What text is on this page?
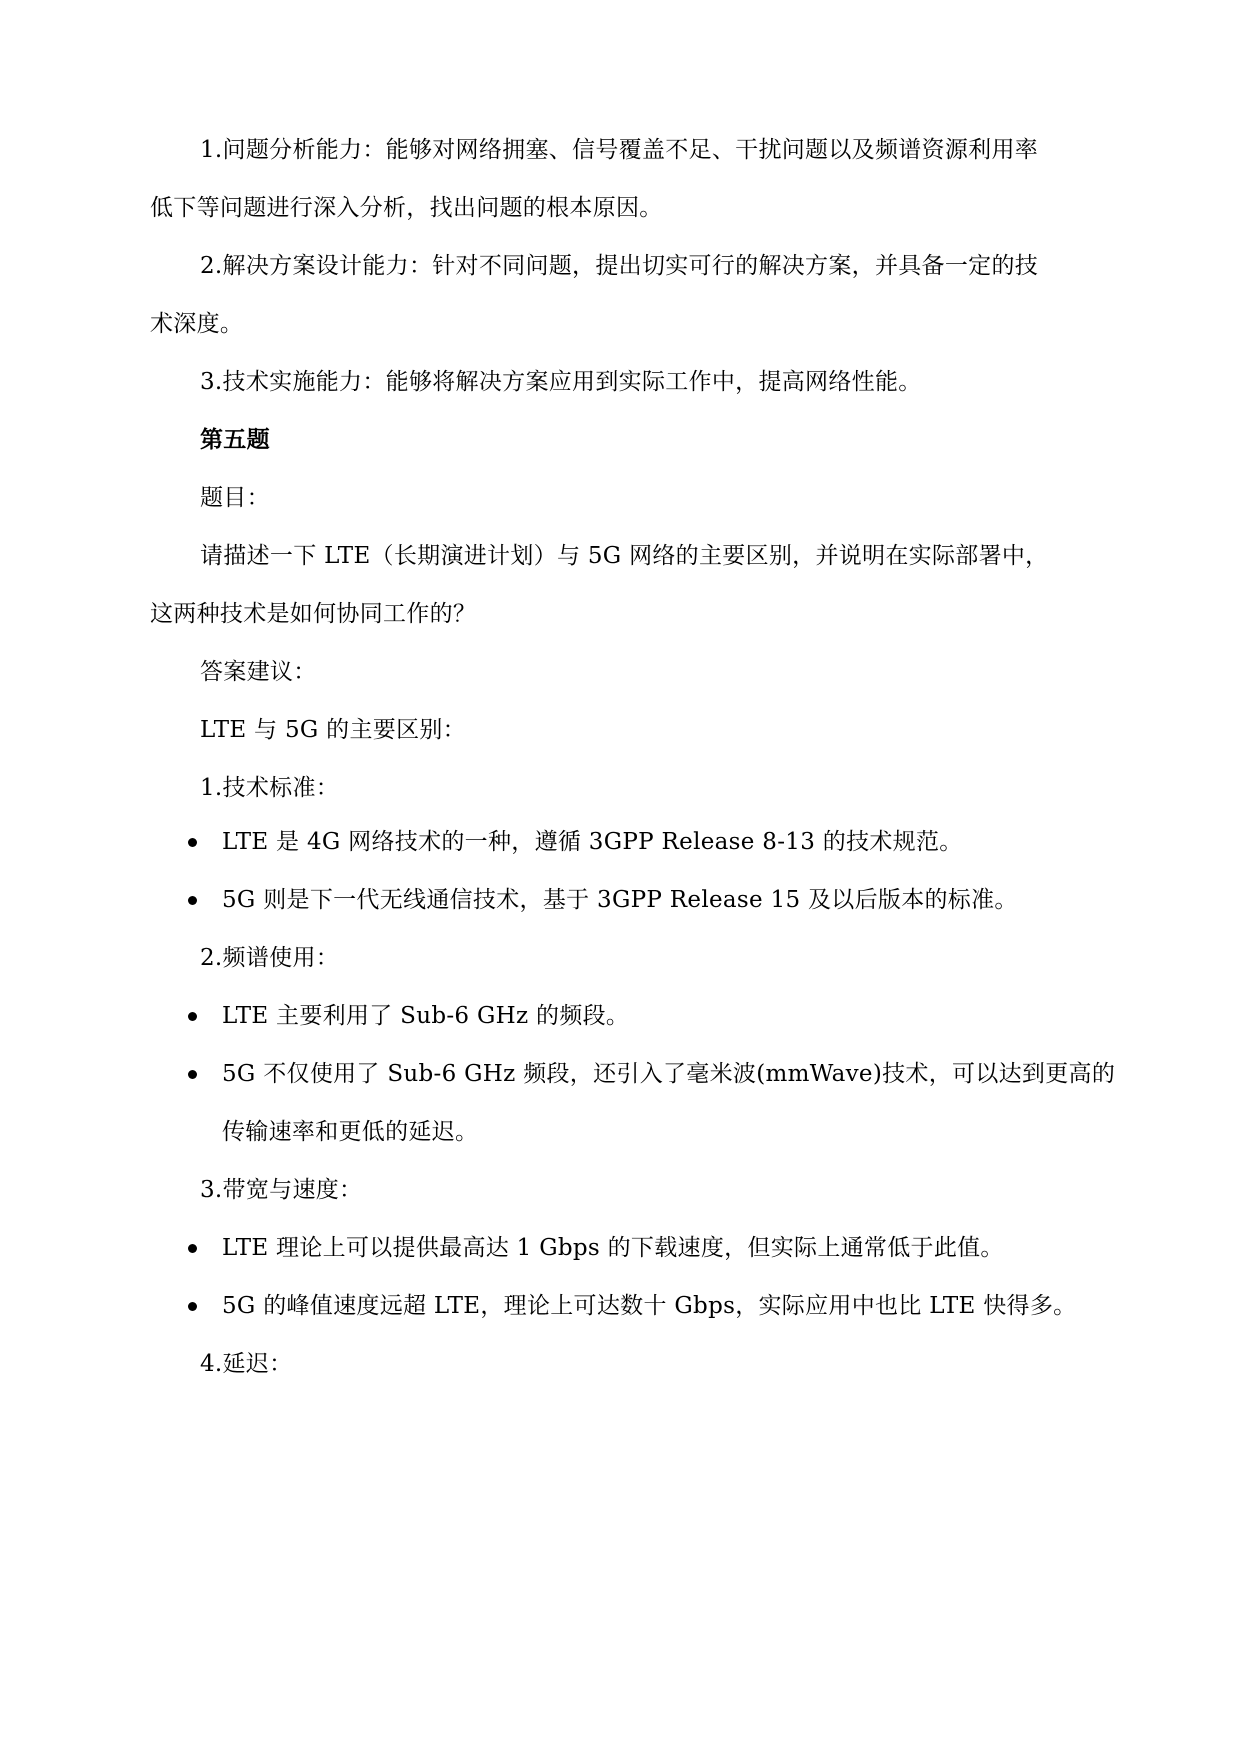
1.问题分析能力：能够对网络拥塞、信号覆盖不足、干扰问题以及频谱资源利用率
低下等问题进行深入分析，找出问题的根本原因。
2.解决方案设计能力：针对不同问题，提出切实可行的解决方案，并具备一定的技
术深度。
3.技术实施能力：能够将解决方案应用到实际工作中，提高网络性能。
第五题
题目：
请描述一下 LTE（长期演进计划）与 5G 网络的主要区别，并说明在实际部署中，
这两种技术是如何协同工作的？
答案建议：
LTE 与 5G 的主要区别：
1.技术标准：
LTE 是 4G 网络技术的一种，遵循 3GPP Release 8-13 的技术规范。
5G 则是下一代无线通信技术，基于 3GPP Release 15 及以后版本的标准。
2.频谱使用：
LTE 主要利用了 Sub-6 GHz 的频段。
5G 不仅使用了 Sub-6 GHz 频段，还引入了毫米波(mmWave)技术，可以达到更高的
传输速率和更低的延迟。
3.带宽与速度：
LTE 理论上可以提供最高达 1 Gbps 的下载速度，但实际上通常低于此值。
5G 的峰值速度远超 LTE，理论上可达数十 Gbps，实际应用中也比 LTE 快得多。
4.延迟：
